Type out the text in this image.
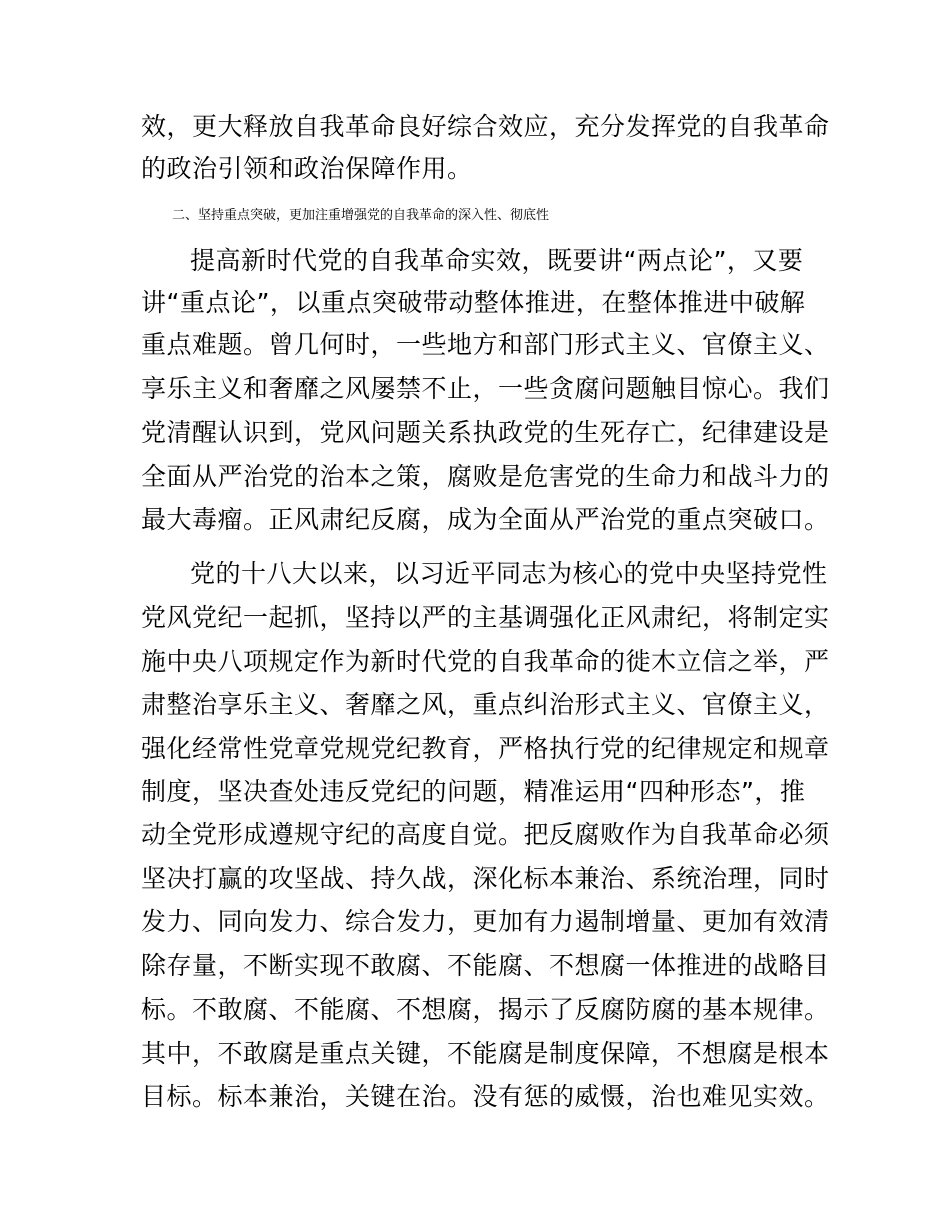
效，更大释放自我革命良好综合效应，充分发挥党的自我革命
的政治引领和政治保障作用。
二、坚持重点突破，更加注重增强党的自我革命的深入性、彻底性
提高新时代党的自我革命实效，既要讲“两点论”，又要
讲“重点论”，以重点突破带动整体推进，在整体推进中破解
重点难题。曾几何时，一些地方和部门形式主义、官僚主义、
享乐主义和奢靡之风屡禁不止，一些贪腐问题触目惊心。我们
党清醒认识到，党风问题关系执政党的生死存亡，纪律建设是
全面从严治党的治本之策，腐败是危害党的生命力和战斗力的
最大毒瘤。正风肃纪反腐，成为全面从严治党的重点突破口。
党的十八大以来，以习近平同志为核心的党中央坚持党性
党风党纪一起抓，坚持以严的主基调强化正风肃纪，将制定实
施中央八项规定作为新时代党的自我革命的徙木立信之举，严
肃整治享乐主义、奢靡之风，重点纠治形式主义、官僚主义，
强化经常性党章党规党纪教育，严格执行党的纪律规定和规章
制度，坚决查处违反党纪的问题，精准运用“四种形态”，推
动全党形成遵规守纪的高度自觉。把反腐败作为自我革命必须
坚决打赢的攻坚战、持久战，深化标本兼治、系统治理，同时
发力、同向发力、综合发力，更加有力遏制增量、更加有效清
除存量，不断实现不敢腐、不能腐、不想腐一体推进的战略目
标。不敢腐、不能腐、不想腐，揭示了反腐防腐的基本规律。
其中，不敢腐是重点关键，不能腐是制度保障，不想腐是根本
目标。标本兼治，关键在治。没有惩的威慑，治也难见实效。
